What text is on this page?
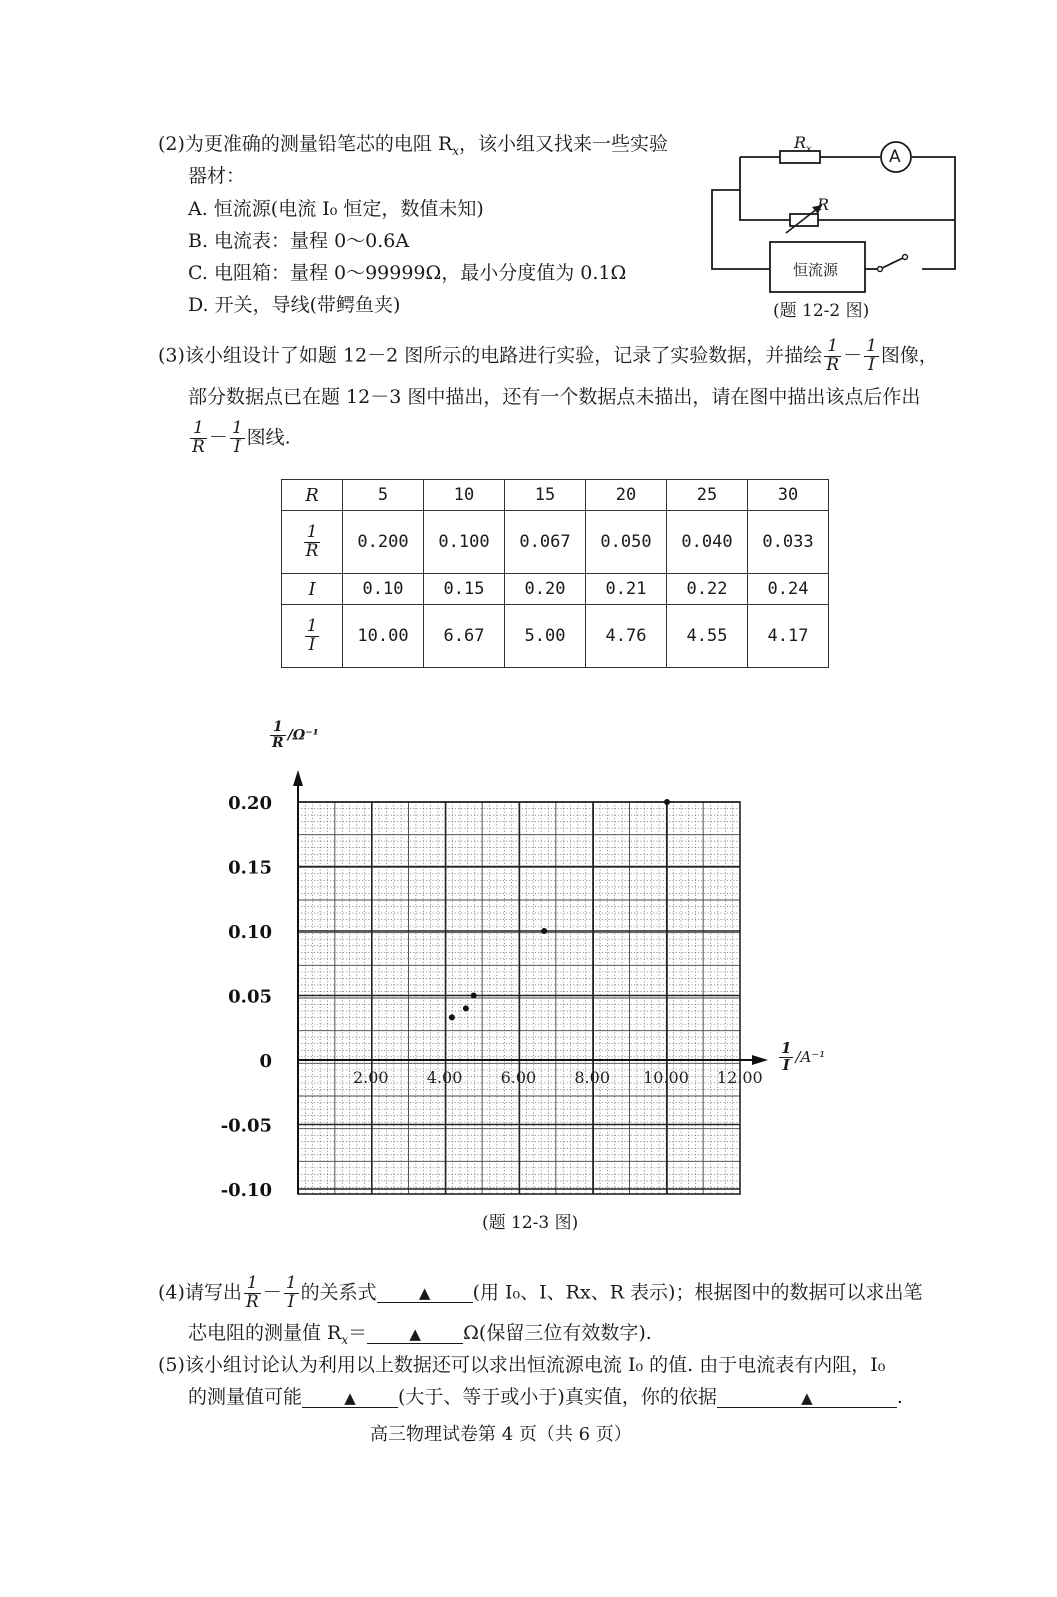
(2)为更准确的测量铅笔芯的电阻 $R_x$，该小组又找来一些实验
器材：
A. 恒流源(电流 I₀ 恒定，数值未知)
B. 电流表：量程 0～0.6A
C. 电阻箱：量程 0～99999Ω，最小分度值为 0.1Ω
D. 开关，导线(带鳄鱼夹)
$R_x$	A
R
恒流源
(题 12-2 图)
(3)该小组设计了如题 12－2 图所示的电路进行实验，记录了实验数据，并描绘 $\frac{1}{R} - \frac{1}{I}$ 图像，
部分数据点已在题 12－3 图中描出，还有一个数据点未描出，请在图中描出该点后作出
$\frac{1}{R} - \frac{1}{I}$ 图线.
R	5	10	15	20	25	30

$\frac{1}{R}$	0.200	0.100	0.067	0.050	0.040	0.033
I	0.10	0.15	0.20	0.21	0.22	0.24

$\frac{1}{I}$	10.00	6.67	5.00	4.76	4.55	4.17
0.20
0.15
0.10
0.05
0
-0.05
-0.10
2.00 4.00 6.00 8.00 10.00 12.00
$\frac{1}{R} /\Omega^{-1}$
$\frac{1}{I} /A^{-1}$
(题 12-3 图)
(4)请写出 $\frac{1}{R} - \frac{1}{I}$ 的关系式	▲ (用 I₀、I、Rx、R 表示)；根据图中的数据可以求出笔
芯电阻的测量值 $R_x=$	▲ Ω(保留三位有效数字).
(5)该小组讨论认为利用以上数据还可以求出恒流源电流 I₀ 的值. 由于电流表有内阻，I₀
的测量值可能	▲ (大于、等于或小于)真实值，你的依据	▲	.
高三物理试卷第 4 页（共 6 页）
